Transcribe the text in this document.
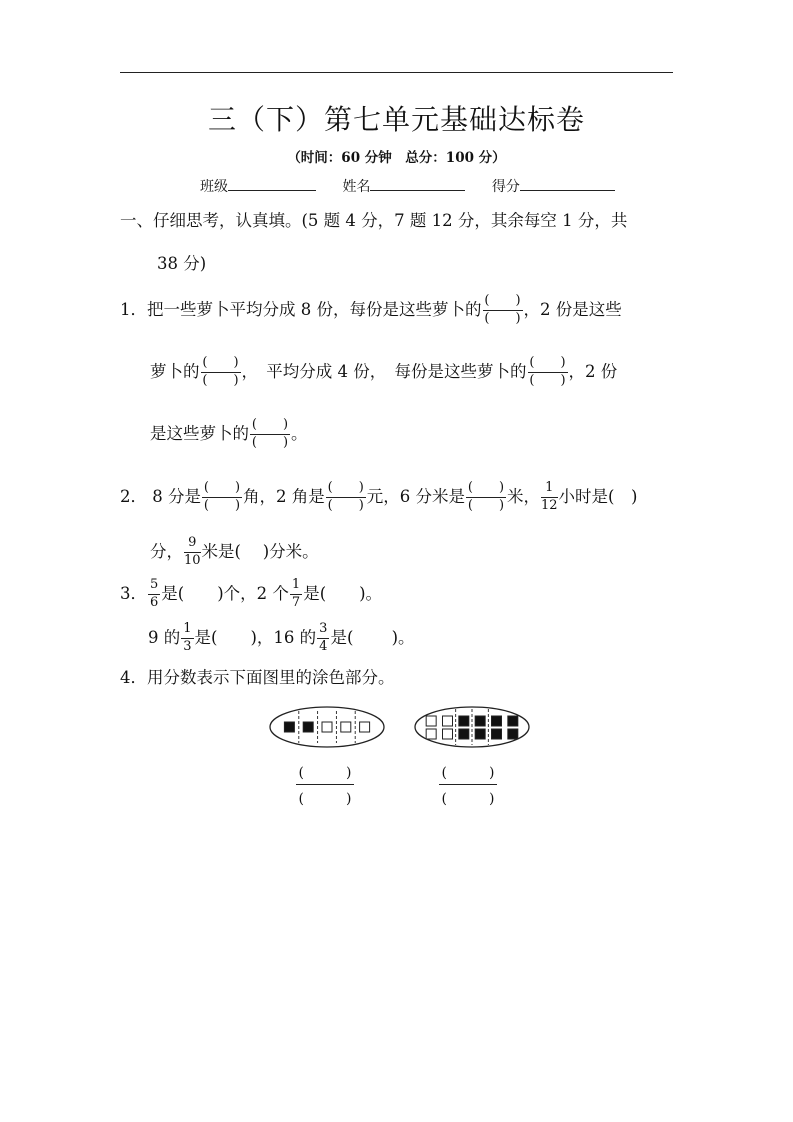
三（下）第七单元基础达标卷
（时间：60 分钟　总分：100 分）
班级	姓名	得分
一、仔细思考，认真填。(5 题 4 分，7 题 12 分，其余每空 1 分，共
38 分)
1．把一些萝卜平均分成 8 份，每份是这些萝卜的 $\frac{( )}{( )}$ ，2 份是这些
萝卜的 $\frac{( )}{( )}$ ，　平均分成 4 份，　每份是这些萝卜的 $\frac{( )}{( )}$ ，2 份
是这些萝卜的 $\frac{( )}{( )}$ 。
2． 8 分是 $\frac{( )}{( )}$ 角，2 角是 $\frac{( )}{( )}$ 元，6 分米是 $\frac{( )}{( )}$ 米， $\frac{1}{12}$ 小时是(　)
分， $\frac{9}{10}$ 米是(　 )分米。
3． $\frac{5}{6}$ 是(　　)个，2 个 $\frac{1}{7}$ 是(　　)。
9 的 $\frac{1}{3}$ 是(　　)，16 的 $\frac{3}{4}$ 是(　　 )。
4．用分数表示下面图里的涂色部分。
(　　　)
(　　　)
(　　　)
(　　　)
